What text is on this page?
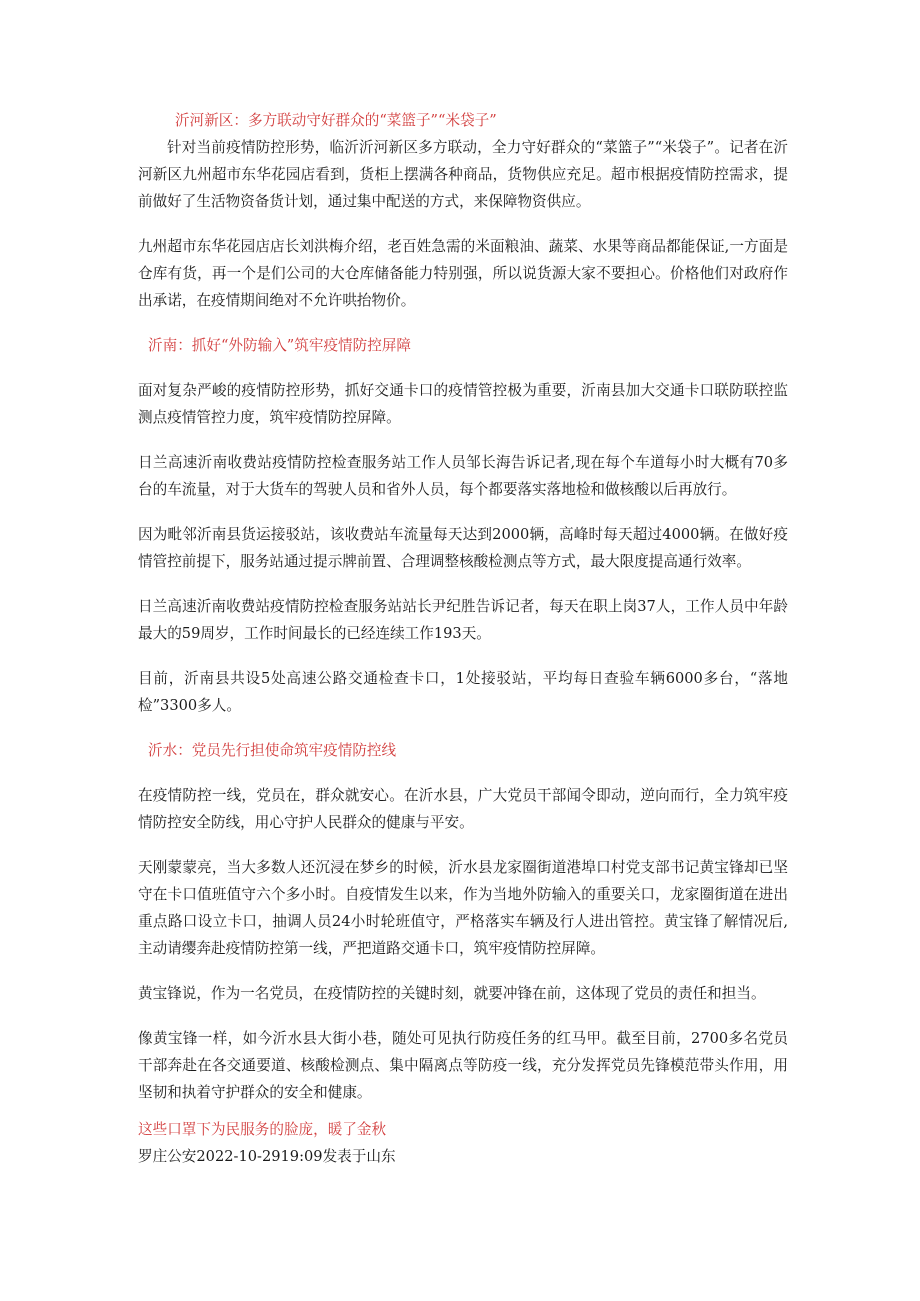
沂河新区：多方联动守好群众的“菜篮子”“米袋子”

针对当前疫情防控形势，临沂沂河新区多方联动，全力守好群众的“菜篮子”“米袋子”。记者在沂河新区九州超市东华花园店看到，货柜上摆满各种商品，货物供应充足。超市根据疫情防控需求，提前做好了生活物资备货计划，通过集中配送的方式，来保障物资供应。

九州超市东华花园店店长刘洪梅介绍，老百姓急需的米面粮油、蔬菜、水果等商品都能保证,一方面是仓库有货，再一个是们公司的大仓库储备能力特别强，所以说货源大家不要担心。价格他们对政府作出承诺，在疫情期间绝对不允许哄抬物价。

沂南：抓好“外防输入”筑牢疫情防控屏障

面对复杂严峻的疫情防控形势，抓好交通卡口的疫情管控极为重要，沂南县加大交通卡口联防联控监测点疫情管控力度，筑牢疫情防控屏障。

日兰高速沂南收费站疫情防控检查服务站工作人员邹长海告诉记者,现在每个车道每小时大概有70多台的车流量，对于大货车的驾驶人员和省外人员，每个都要落实落地检和做核酸以后再放行。

因为毗邻沂南县货运接驳站，该收费站车流量每天达到2000辆，高峰时每天超过4000辆。在做好疫情管控前提下，服务站通过提示牌前置、合理调整核酸检测点等方式，最大限度提高通行效率。

日兰高速沂南收费站疫情防控检查服务站站长尹纪胜告诉记者，每天在职上岗37人，工作人员中年龄最大的59周岁，工作时间最长的已经连续工作193天。

目前，沂南县共设5处高速公路交通检查卡口，1处接驳站，平均每日查验车辆6000多台，“落地检”3300多人。

沂水：党员先行担使命筑牢疫情防控线

在疫情防控一线，党员在，群众就安心。在沂水县，广大党员干部闻令即动，逆向而行，全力筑牢疫情防控安全防线，用心守护人民群众的健康与平安。

天刚蒙蒙亮，当大多数人还沉浸在梦乡的时候，沂水县龙家圈街道港埠口村党支部书记黄宝锋却已坚守在卡口值班值守六个多小时。自疫情发生以来，作为当地外防输入的重要关口，龙家圈街道在进出重点路口设立卡口，抽调人员24小时轮班值守，严格落实车辆及行人进出管控。黄宝锋了解情况后,主动请缨奔赴疫情防控第一线，严把道路交通卡口，筑牢疫情防控屏障。

黄宝锋说，作为一名党员，在疫情防控的关键时刻，就要冲锋在前，这体现了党员的责任和担当。

像黄宝锋一样，如今沂水县大街小巷，随处可见执行防疫任务的红马甲。截至目前，2700多名党员干部奔赴在各交通要道、核酸检测点、集中隔离点等防疫一线，充分发挥党员先锋模范带头作用，用坚韧和执着守护群众的安全和健康。

这些口罩下为民服务的脸庞，暖了金秋

罗庄公安2022-10-2919:09发表于山东
